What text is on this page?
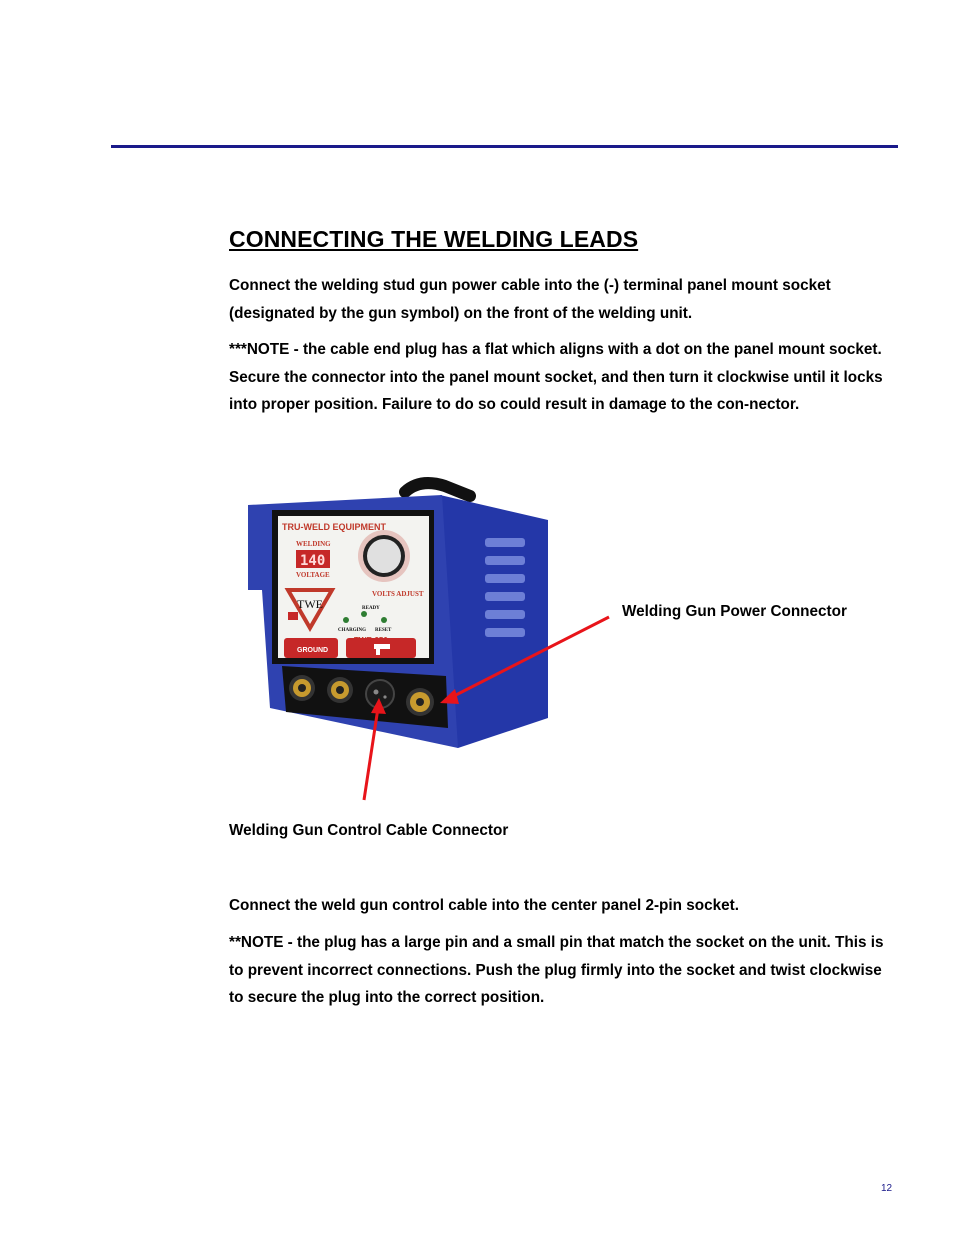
CONNECTING THE WELDING LEADS

Connect the welding stud gun power cable into the (-) terminal panel mount socket (designated by the gun symbol) on the front of the welding unit.

***NOTE - the cable end plug has a flat which aligns with a dot on the panel mount socket. Secure the connector into the panel mount socket, and then turn it clockwise until it locks into proper position. Failure to do so could result in damage to the con-nector.

TRU-WELD EQUIPMENT
WELDING
140
VOLTAGE
VOLTS ADJUST
TWE	READY
CHARGING RESET
GROUND

Welding Gun Power Connector

Welding Gun Control Cable Connector

Connect the weld gun control cable into the center panel 2-pin socket.

**NOTE - the plug has a large pin and a small pin that match the socket on the unit. This is to prevent incorrect connections. Push the plug firmly into the socket and twist clockwise to secure the plug into the correct position.

12
